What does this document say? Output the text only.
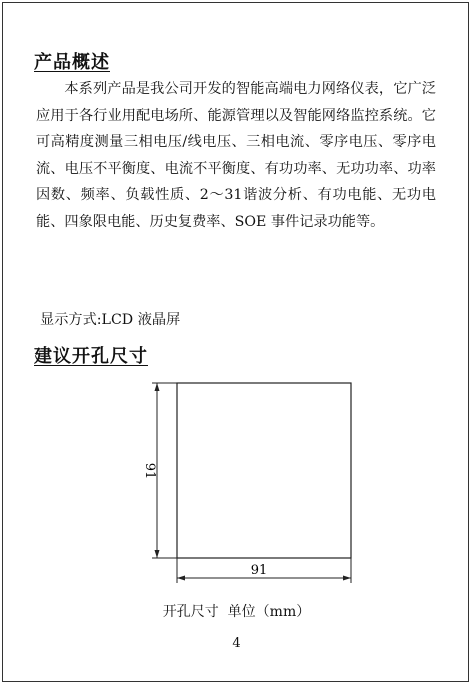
产品概述

本系列产品是我公司开发的智能高端电力网络仪表，它广泛应用于各行业用配电场所、能源管理以及智能网络监控系统。它可高精度测量三相电压/线电压、三相电流、零序电压、零序电流、电压不平衡度、电流不平衡度、有功功率、无功功率、功率因数、频率、负载性质、2～31谐波分析、有功电能、无功电能、四象限电能、历史复费率、SOE 事件记录功能等。

显示方式:LCD 液晶屏
建议开孔尺寸
91
91
开孔尺寸  单位（mm）
4
